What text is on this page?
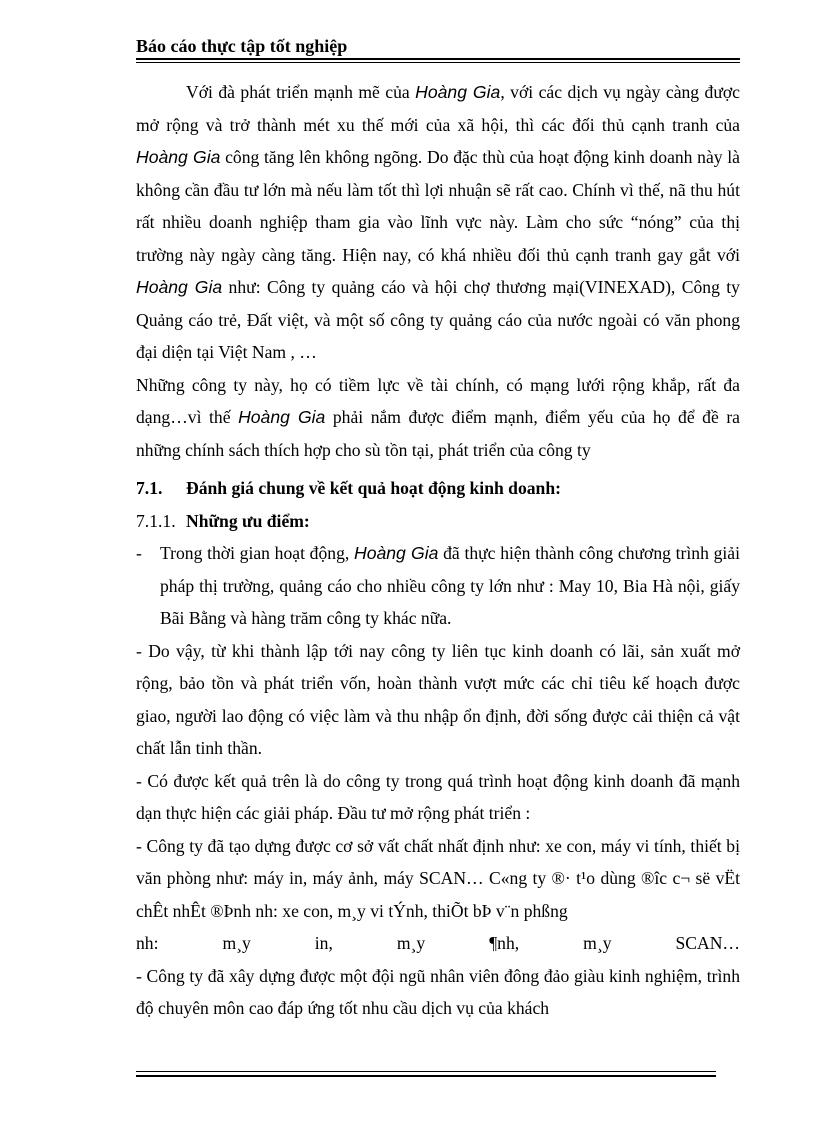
Báo cáo thực tập tốt nghiệp

Với đà phát triển mạnh mẽ của Hoàng Gia, với các dịch vụ ngày càng được mở rộng và trở thành mét xu thế mới của xã hội, thì các đối thủ cạnh tranh của Hoàng Gia công tăng lên không ngõng. Do đặc thù của hoạt động kinh doanh này là không cần đầu tư lớn mà nếu làm tốt thì lợi nhuận sẽ rất cao. Chính vì thế, nã thu hút rất nhiều doanh nghiệp tham gia vào lĩnh vực này. Làm cho sức “nóng” của thị trường này ngày càng tăng. Hiện nay, có khá nhiều đối thủ cạnh tranh gay gắt với Hoàng Gia như: Công ty quảng cáo và hội chợ thương mại(VINEXAD), Công ty Quảng cáo trẻ, Đất việt, và một số công ty quảng cáo của nước ngoài có văn phong đại diện tại Việt Nam , …

Những công ty này, họ có tiềm lực về tài chính, có mạng lưới rộng khắp, rất đa dạng…vì thế Hoàng Gia phải nắm được điểm mạnh, điểm yếu của họ để đề ra những chính sách thích hợp cho sù tồn tại, phát triển của công ty

7.1.	Đánh giá chung về kết quả hoạt động kinh doanh:
7.1.1. Những ưu điểm:
-	Trong thời gian hoạt động, Hoàng Gia đã thực hiện thành công chương trình giải pháp thị trường, quảng cáo cho nhiều công ty lớn như : May 10, Bia Hà nội, giấy Bãi Bằng và hàng trăm công ty khác nữa.

- Do vậy, từ khi thành lập tới nay công ty liên tục kinh doanh có lãi, sản xuất mở rộng, bảo tồn và phát triển vốn, hoàn thành vượt mức các chỉ tiêu kế hoạch được giao, người lao động có việc làm và thu nhập ổn định, đời sống được cải thiện cả vật chất lẫn tinh thần.

- Có được kết quả trên là do công ty trong quá trình hoạt động kinh doanh đã mạnh dạn thực hiện các giải pháp. Đầu tư mở rộng phát triển :

- Công ty đã tạo dựng được cơ sở vất chất nhất định như: xe con, máy vi tính, thiết bị văn phòng như: máy in, máy ảnh, máy SCAN… C«ng ty ®· t¹o dùng ®îc c¬ së vËt chÊt nhÊt ®Þnh nh: xe con, m¸y vi tÝnh, thiÕt bÞ v¨n phßng
nh: m¸y in, m¸y ¶nh, m¸y SCAN…

- Công ty đã xây dựng được một đội ngũ nhân viên đông đảo giàu kinh nghiệm, trình độ chuyên môn cao đáp ứng tốt nhu cầu dịch vụ của khách
